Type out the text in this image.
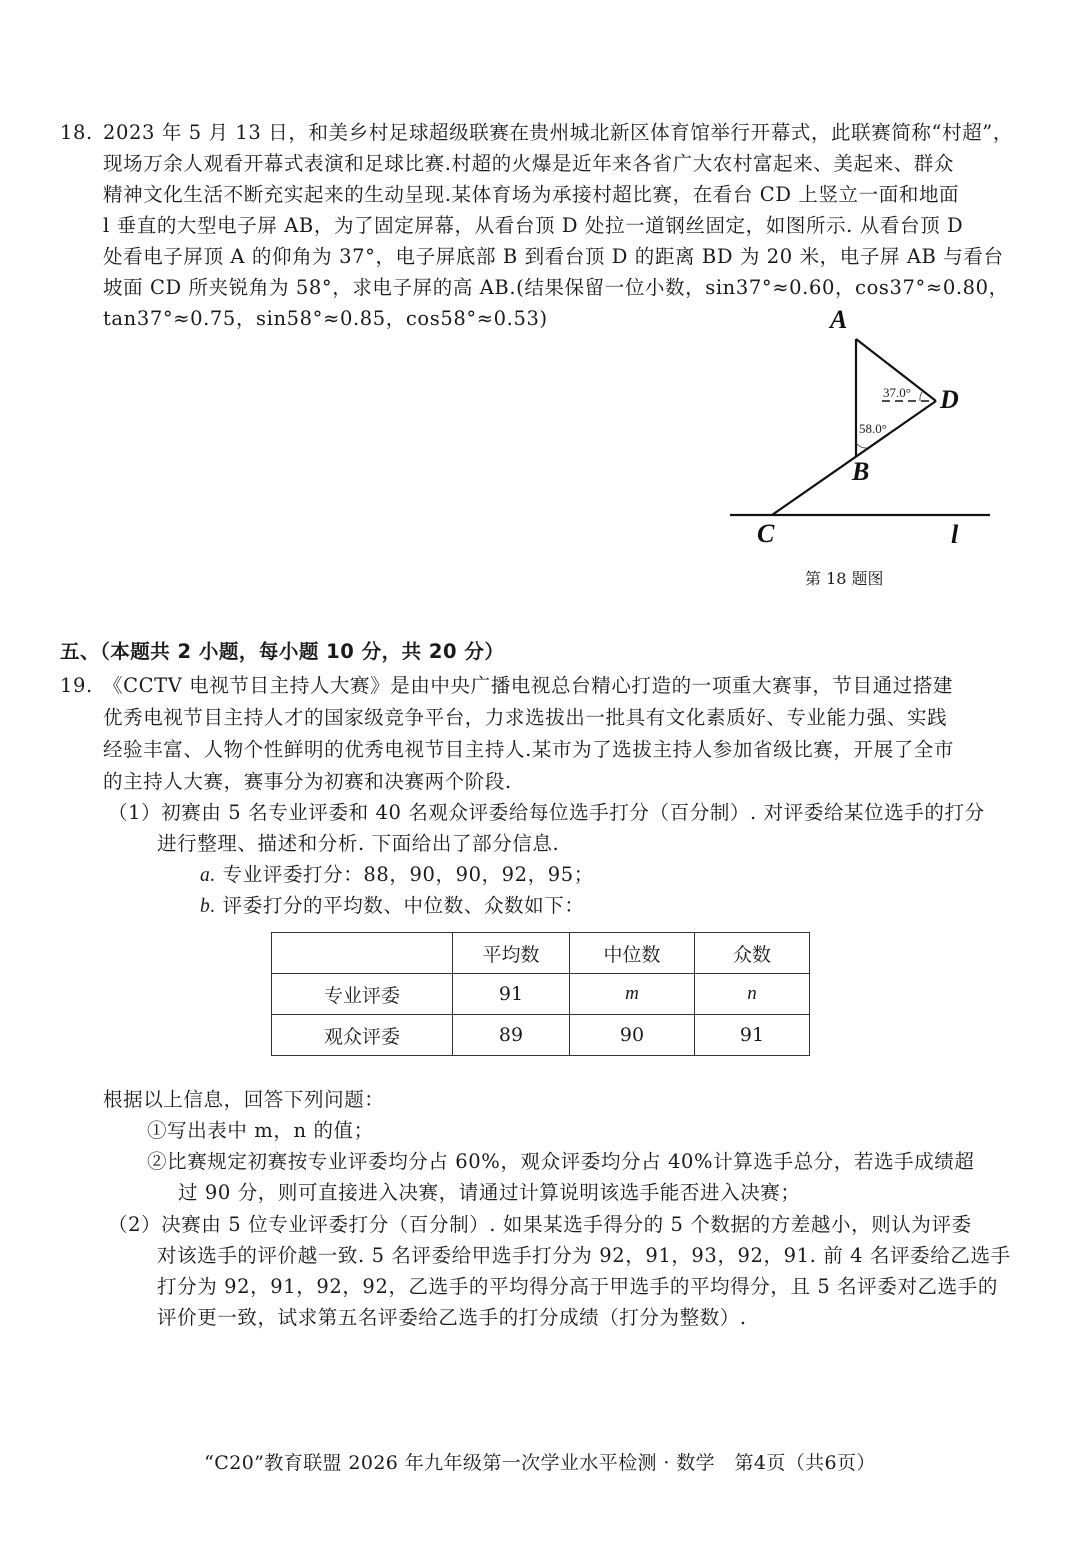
18. 2023 年 5 月 13 日，和美乡村足球超级联赛在贵州城北新区体育馆举行开幕式，此联赛简称“村超”，
现场万余人观看开幕式表演和足球比赛.村超的火爆是近年来各省广大农村富起来、美起来、群众
精神文化生活不断充实起来的生动呈现.某体育场为承接村超比赛，在看台 CD 上竖立一面和地面
l 垂直的大型电子屏 AB，为了固定屏幕，从看台顶 D 处拉一道钢丝固定，如图所示. 从看台顶 D
处看电子屏顶 A 的仰角为 37°，电子屏底部 B 到看台顶 D 的距离 BD 为 20 米，电子屏 AB 与看台
坡面 CD 所夹锐角为 58°，求电子屏的高 AB.(结果保留一位小数，sin37°≈0.60，cos37°≈0.80，
tan37°≈0.75，sin58°≈0.85，cos58°≈0.53)	A
D
B
C	l
37.0°
58.0°
第 18 题图
五、（本题共 2 小题，每小题 10 分，共 20 分）
19. 《CCTV 电视节目主持人大赛》是由中央广播电视总台精心打造的一项重大赛事，节目通过搭建
优秀电视节目主持人才的国家级竞争平台，力求选拔出一批具有文化素质好、专业能力强、实践
经验丰富、人物个性鲜明的优秀电视节目主持人.某市为了选拔主持人参加省级比赛，开展了全市
的主持人大赛，赛事分为初赛和决赛两个阶段.
（1）初赛由 5 名专业评委和 40 名观众评委给每位选手打分（百分制）. 对评委给某位选手的打分
进行整理、描述和分析. 下面给出了部分信息.
a. 专业评委打分：88，90，90，92，95；
b. 评委打分的平均数、中位数、众数如下：
	平均数	中位数	众数
专业评委	91	m	n
观众评委	89	90	91
根据以上信息，回答下列问题：
①写出表中 m，n 的值；
②比赛规定初赛按专业评委均分占 60%，观众评委均分占 40%计算选手总分，若选手成绩超
过 90 分，则可直接进入决赛，请通过计算说明该选手能否进入决赛；
（2）决赛由 5 位专业评委打分（百分制）. 如果某选手得分的 5 个数据的方差越小，则认为评委
对该选手的评价越一致. 5 名评委给甲选手打分为 92，91，93，92，91. 前 4 名评委给乙选手
打分为 92，91，92，92，乙选手的平均得分高于甲选手的平均得分，且 5 名评委对乙选手的
评价更一致，试求第五名评委给乙选手的打分成绩（打分为整数）.
“C20”教育联盟 2026 年九年级第一次学业水平检测 · 数学　第4页（共6页）
